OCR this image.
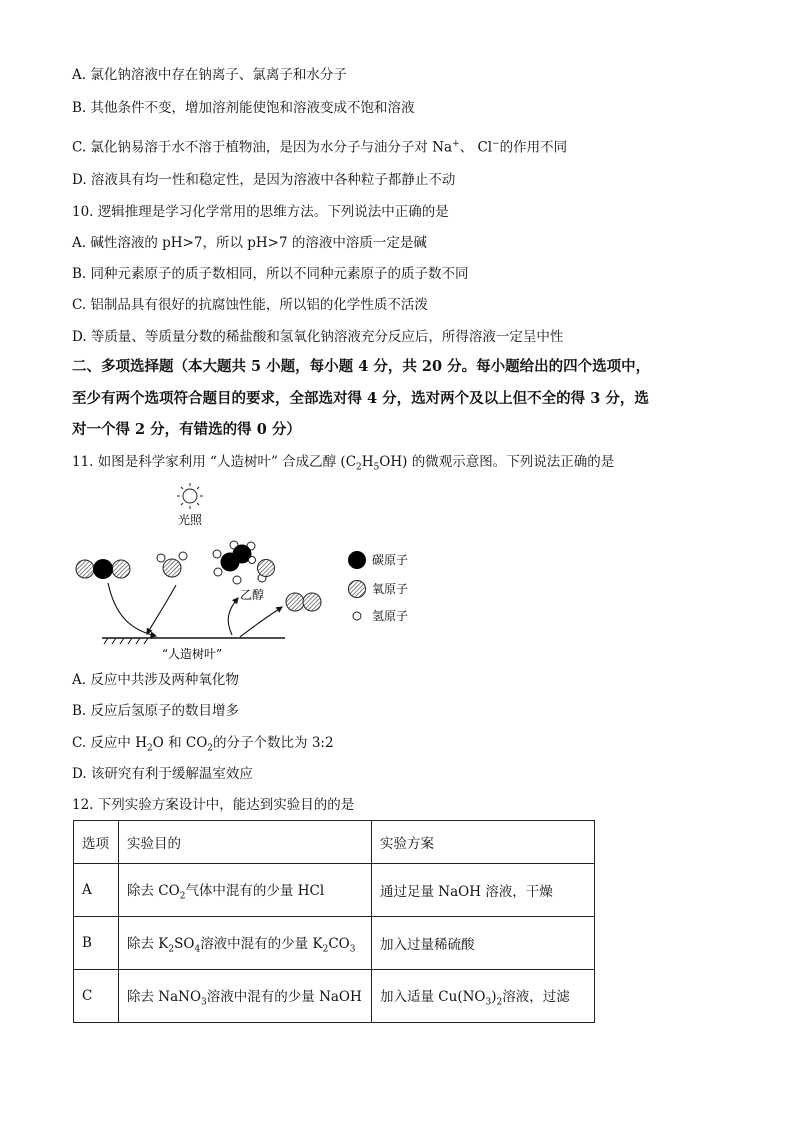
A. 氯化钠溶液中存在钠离子、氯离子和水分子
B. 其他条件不变，增加溶剂能使饱和溶液变成不饱和溶液
C. 氯化钠易溶于水不溶于植物油，是因为水分子与油分子对 Na+、 Cl−的作用不同
D. 溶液具有均一性和稳定性，是因为溶液中各种粒子都静止不动
10. 逻辑推理是学习化学常用的思维方法。下列说法中正确的是
A. 碱性溶液的 pH>7，所以 pH>7 的溶液中溶质一定是碱
B. 同种元素原子的质子数相同，所以不同种元素原子的质子数不同
C. 铝制品具有很好的抗腐蚀性能，所以铝的化学性质不活泼
D. 等质量、等质量分数的稀盐酸和氢氧化钠溶液充分反应后，所得溶液一定呈中性
二、多项选择题（本大题共 5 小题，每小题 4 分，共 20 分。每小题给出的四个选项中，
至少有两个选项符合题目的要求，全部选对得 4 分，选对两个及以上但不全的得 3 分，选
对一个得 2 分，有错选的得 0 分）
11. 如图是科学家利用 “人造树叶” 合成乙醇 $(C_2H_5OH)$ 的微观示意图。下列说法正确的是
光照
乙醇
“人造树叶”
碳原子
氧原子
氢原子
A. 反应中共涉及两种氧化物
B. 反应后氢原子的数目增多
C. 反应中 $H_2O$ 和 $CO_2$的分子个数比为 3:2
D. 该研究有利于缓解温室效应
12. 下列实验方案设计中，能达到实验目的的是
选项	实验目的	实验方案
A	除去 $CO_2$气体中混有的少量 HCl	通过足量 NaOH 溶液，干燥
B	除去 $K_2SO_4$溶液中混有的少量 $K_2CO_3$	加入过量稀硫酸
C	除去 NaNO$_3$溶液中混有的少量 NaOH	加入适量 $Cu(NO_3)_2$溶液，过滤
